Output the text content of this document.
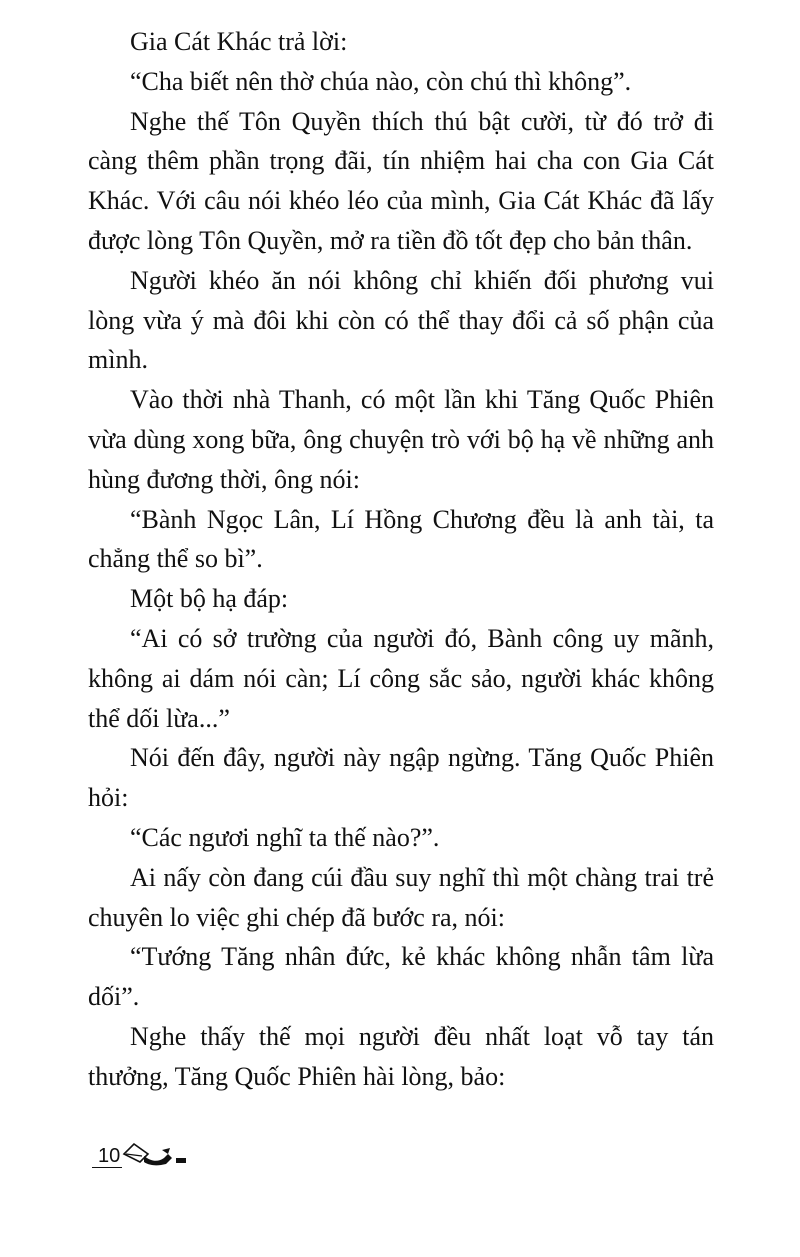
Gia Cát Khác trả lời:

“Cha biết nên thờ chúa nào, còn chú thì không”.

Nghe thế Tôn Quyền thích thú bật cười, từ đó trở đi càng thêm phần trọng đãi, tín nhiệm hai cha con Gia Cát Khác. Với câu nói khéo léo của mình, Gia Cát Khác đã lấy được lòng Tôn Quyền, mở ra tiền đồ tốt đẹp cho bản thân.

Người khéo ăn nói không chỉ khiến đối phương vui lòng vừa ý mà đôi khi còn có thể thay đổi cả số phận của mình.

Vào thời nhà Thanh, có một lần khi Tăng Quốc Phiên vừa dùng xong bữa, ông chuyện trò với bộ hạ về những anh hùng đương thời, ông nói:

“Bành Ngọc Lân, Lí Hồng Chương đều là anh tài, ta chẳng thể so bì”.

Một bộ hạ đáp:

“Ai có sở trường của người đó, Bành công uy mãnh, không ai dám nói càn; Lí công sắc sảo, người khác không thể dối lừa...”

Nói đến đây, người này ngập ngừng. Tăng Quốc Phiên hỏi:

“Các ngươi nghĩ ta thế nào?”.

Ai nấy còn đang cúi đầu suy nghĩ thì một chàng trai trẻ chuyên lo việc ghi chép đã bước ra, nói:

“Tướng Tăng nhân đức, kẻ khác không nhẫn tâm lừa dối”.

Nghe thấy thế mọi người đều nhất loạt vỗ tay tán thưởng, Tăng Quốc Phiên hài lòng, bảo:

10
